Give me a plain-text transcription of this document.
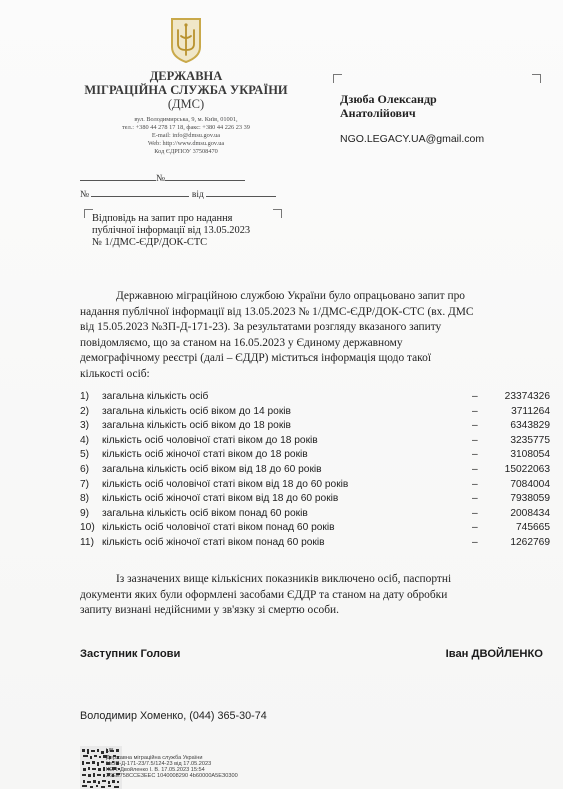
ДЕРЖАВНА
МІГРАЦІЙНА СЛУЖБА УКРАЇНИ
(ДМС)
вул. Володимирська, 9, м. Київ, 01001,
тел.: +380 44 278 17 18, факс: +380 44 226 23 39
E-mail: info@dmsu.gov.ua
Web: http://www.dmsu.gov.ua
Код ЄДРПОУ 37508470
Дзюба Олександр
Анатолійович
NGO.LEGACY.UA@gmail.com
№
№	від
Відповідь на запит про надання
публічної інформації від 13.05.2023
№ 1/ДМС-ЄДР/ДОК-СТС
Державною міграційною службою України було опрацьовано запит про
надання публічної інформації від 13.05.2023 № 1/ДМС-ЄДР/ДОК-СТС (вх. ДМС
від 15.05.2023 №ЗП-Д-171-23). За результатами розгляду вказаного запиту
повідомляємо, що за станом на 16.05.2023 у Єдиному державному
демографічному реєстрі (далі – ЄДДР) міститься інформація щодо такої
кількості осіб:
1) загальна кількість осіб	–	23374326
2) загальна кількість осіб віком до 14 років	–	3711264
3) загальна кількість осіб віком до 18 років	–	6343829
4) кількість осіб чоловічої статі віком до 18 років	–	3235775
5) кількість осіб жіночої статі віком до 18 років	–	3108054
6) загальна кількість осіб віком від 18 до 60 років	–	15022063
7) кількість осіб чоловічої статі віком від 18 до 60 років	–	7084004
8) кількість осіб жіночої статі віком від 18 до 60 років	–	7938059
9) загальна кількість осіб віком понад 60 років	–	2008434
10) кількість осіб чоловічої статі віком понад 60 років	–	745665
11) кількість осіб жіночої статі віком понад 60 років	–	1262769
Із зазначених вище кількісних показників виключено осіб, паспортні
документи яких були оформлені засобами ЄДДР та станом на дату обробки
запиту визнані недійсними у зв'язку зі смертю особи.
Заступник Голови	Іван ДВОЙЛЕНКО
Володимир Хоменко, (044) 365-30-74
UB
Державна міграційна служба України
№ЗП-Д-171-23/7.5/124-23 від 17.05.2023
КЕП: Двойленко І. В. 17.05.2023 15:54
36ЕЕ758ССЕ3ЕЕС 1040008290 4b60000А5ЕЗ0300
